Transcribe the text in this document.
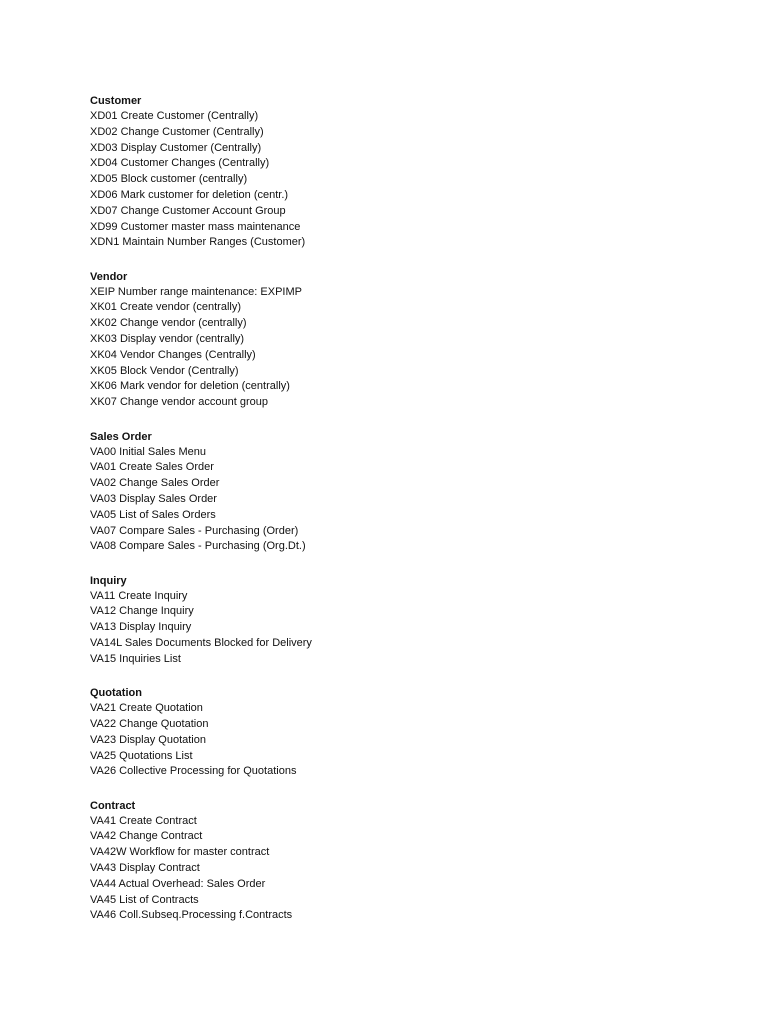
Customer
XD01 Create Customer (Centrally)
XD02 Change Customer (Centrally)
XD03 Display Customer (Centrally)
XD04 Customer Changes (Centrally)
XD05 Block customer (centrally)
XD06 Mark customer for deletion (centr.)
XD07 Change Customer Account Group
XD99 Customer master mass maintenance
XDN1 Maintain Number Ranges (Customer)
Vendor
XEIP Number range maintenance: EXPIMP
XK01 Create vendor (centrally)
XK02 Change vendor (centrally)
XK03 Display vendor (centrally)
XK04 Vendor Changes (Centrally)
XK05 Block Vendor (Centrally)
XK06 Mark vendor for deletion (centrally)
XK07 Change vendor account group
Sales Order
VA00 Initial Sales Menu
VA01 Create Sales Order
VA02 Change Sales Order
VA03 Display Sales Order
VA05 List of Sales Orders
VA07 Compare Sales - Purchasing (Order)
VA08 Compare Sales - Purchasing (Org.Dt.)
Inquiry
VA11 Create Inquiry
VA12 Change Inquiry
VA13 Display Inquiry
VA14L Sales Documents Blocked for Delivery
VA15 Inquiries List
Quotation
VA21 Create Quotation
VA22 Change Quotation
VA23 Display Quotation
VA25 Quotations List
VA26 Collective Processing for Quotations
Contract
VA41 Create Contract
VA42 Change Contract
VA42W Workflow for master contract
VA43 Display Contract
VA44 Actual Overhead: Sales Order
VA45 List of Contracts
VA46 Coll.Subseq.Processing f.Contracts
